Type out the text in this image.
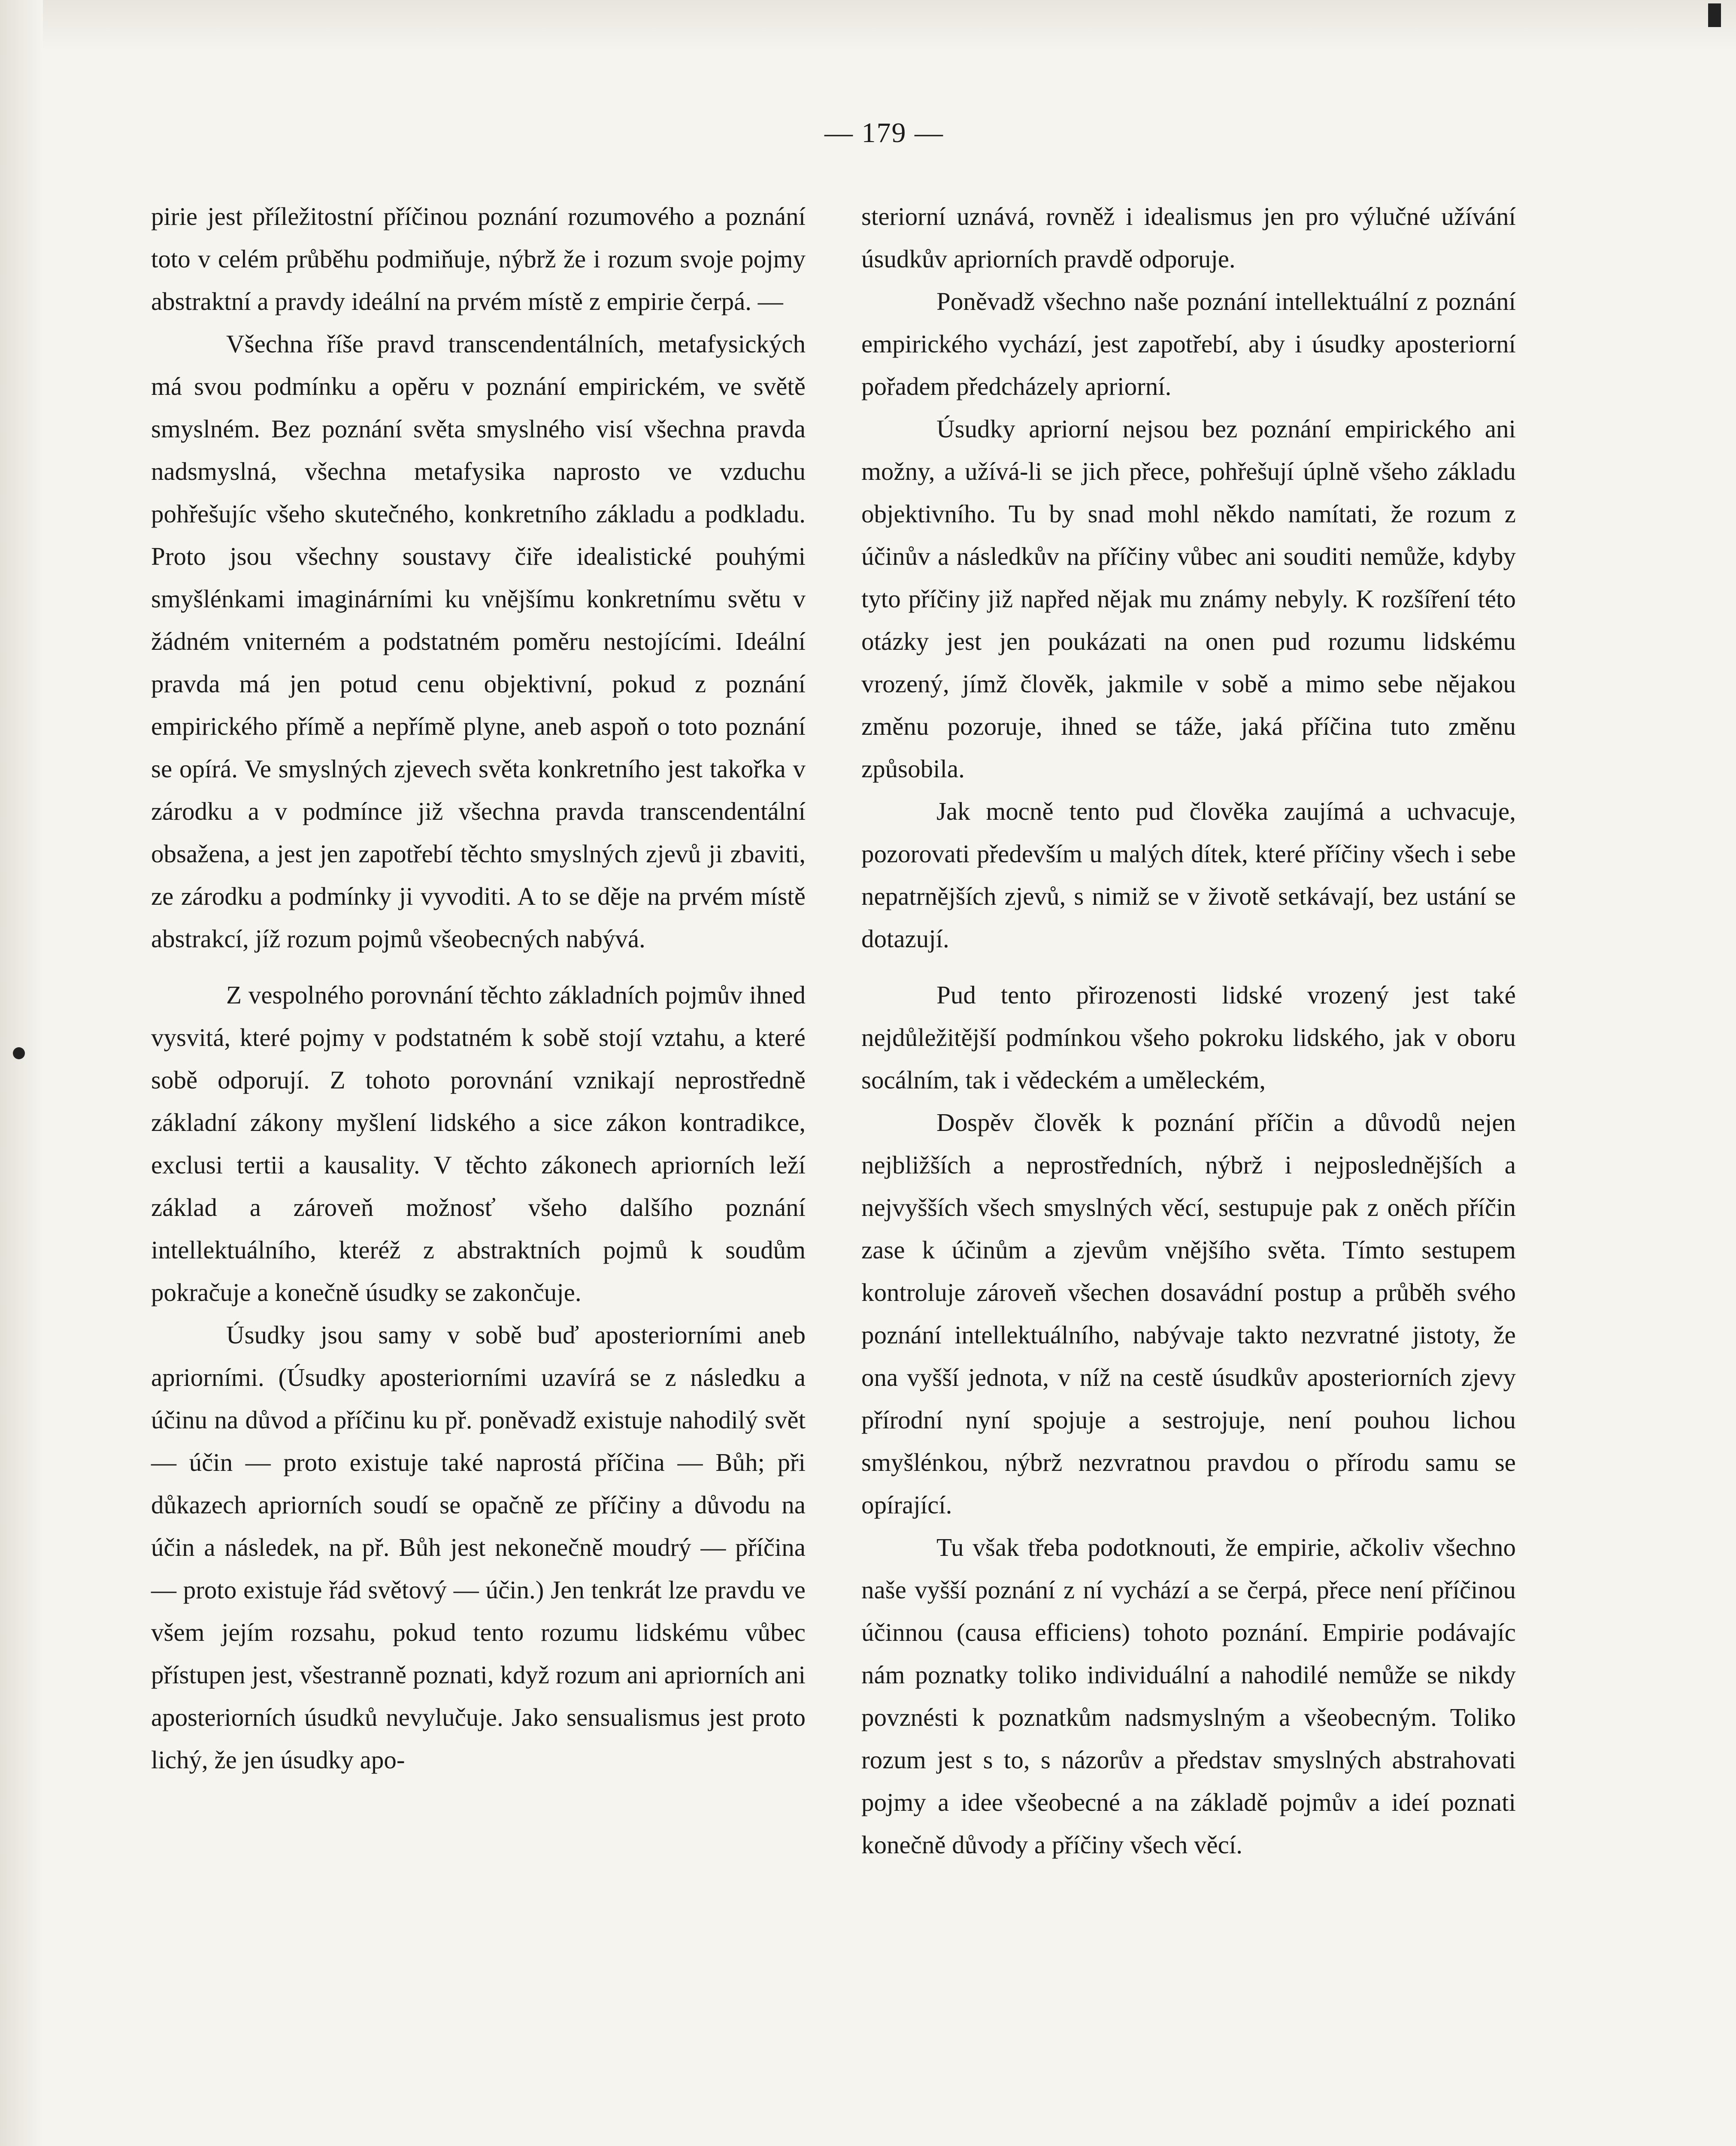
— 179 —

pirie jest příležitostní příčinou poznání rozumového a poznání toto v celém průběhu podmiňuje, nýbrž že i rozum svoje pojmy abstraktní a pravdy ideální na prvém místě z empirie čerpá. —

Všechna říše pravd transcendentálních, metafysických má svou podmínku a opěru v poznání empirickém, ve světě smyslném. Bez poznání světa smyslného visí všechna pravda nadsmyslná, všechna metafysika naprosto ve vzduchu pohřešujíc všeho skutečného, konkretního základu a podkladu. Proto jsou všechny soustavy čiře idealistické pouhými smyšlénkami imaginárními ku vnějšímu konkretnímu světu v žádném vniterném a podstatném poměru nestojícími. Ideální pravda má jen potud cenu objektivní, pokud z poznání empirického přímě a nepřímě plyne, aneb aspoň o toto poznání se opírá. Ve smyslných zjevech světa konkretního jest takořka v zárodku a v podmínce již všechna pravda transcendentální obsažena, a jest jen zapotřebí těchto smyslných zjevů ji zbaviti, ze zárodku a podmínky ji vyvoditi. A to se děje na prvém místě abstrakcí, jíž rozum pojmů všeobecných nabývá.

Z vespolného porovnání těchto základních pojmův ihned vysvitá, které pojmy v podstatném k sobě stojí vztahu, a které sobě odporují. Z tohoto porovnání vznikají neprostředně základní zákony myšlení lidského a sice zákon kontradikce, exclusi tertii a kausality. V těchto zákonech apriorních leží základ a zároveň možnosť všeho dalšího poznání intellektuálního, kteréž z abstraktních pojmů k soudům pokračuje a konečně úsudky se zakončuje.

Úsudky jsou samy v sobě buď aposteriorními aneb apriorními. (Úsudky aposteriorními uzavírá se z následku a účinu na důvod a příčinu ku př. poněvadž existuje nahodilý svět — účin — proto existuje také naprostá příčina — Bůh; při důkazech apriorních soudí se opačně ze příčiny a důvodu na účin a následek, na př. Bůh jest nekonečně moudrý — příčina — proto existuje řád světový — účin.) Jen tenkrát lze pravdu ve všem jejím rozsahu, pokud tento rozumu lidskému vůbec přístupen jest, všestranně poznati, když rozum ani apriorních ani aposteriorních úsudků nevylučuje. Jako sensualismus jest proto lichý, že jen úsudky apo-

steriorní uznává, rovněž i idealismus jen pro výlučné užívání úsudkův apriorních pravdě odporuje.

Poněvadž všechno naše poznání intellektuální z poznání empirického vychází, jest zapotřebí, aby i úsudky aposteriorní pořadem předcházely apriorní.

Úsudky apriorní nejsou bez poznání empirického ani možny, a užívá-li se jich přece, pohřešují úplně všeho základu objektivního. Tu by snad mohl někdo namítati, že rozum z účinův a následkův na příčiny vůbec ani souditi nemůže, kdyby tyto příčiny již napřed nějak mu známy nebyly. K rozšíření této otázky jest jen poukázati na onen pud rozumu lidskému vrozený, jímž člověk, jakmile v sobě a mimo sebe nějakou změnu pozoruje, ihned se táže, jaká příčina tuto změnu způsobila.

Jak mocně tento pud člověka zaujímá a uchvacuje, pozorovati především u malých dítek, které příčiny všech i sebe nepatrnějších zjevů, s nimiž se v životě setkávají, bez ustání se dotazují.

Pud tento přirozenosti lidské vrozený jest také nejdůležitější podmínkou všeho pokroku lidského, jak v oboru socálním, tak i vědeckém a uměleckém,

Dospěv člověk k poznání příčin a důvodů nejen nejbližších a neprostředních, nýbrž i nejposlednějších a nejvyšších všech smyslných věcí, sestupuje pak z oněch příčin zase k účinům a zjevům vnějšího světa. Tímto sestupem kontroluje zároveň všechen dosavádní postup a průběh svého poznání intellektuálního, nabývaje takto nezvratné jistoty, že ona vyšší jednota, v níž na cestě úsudkův aposteriorních zjevy přírodní nyní spojuje a sestrojuje, není pouhou lichou smyšlénkou, nýbrž nezvratnou pravdou o přírodu samu se opírající.

Tu však třeba podotknouti, že empirie, ačkoliv všechno naše vyšší poznání z ní vychází a se čerpá, přece není příčinou účinnou (causa efficiens) tohoto poznání. Empirie podávajíc nám poznatky toliko individuální a nahodilé nemůže se nikdy povznésti k poznatkům nadsmyslným a všeobecným. Toliko rozum jest s to, s názorův a představ smyslných abstrahovati pojmy a idee všeobecné a na základě pojmův a ideí poznati konečně důvody a příčiny všech věcí.
